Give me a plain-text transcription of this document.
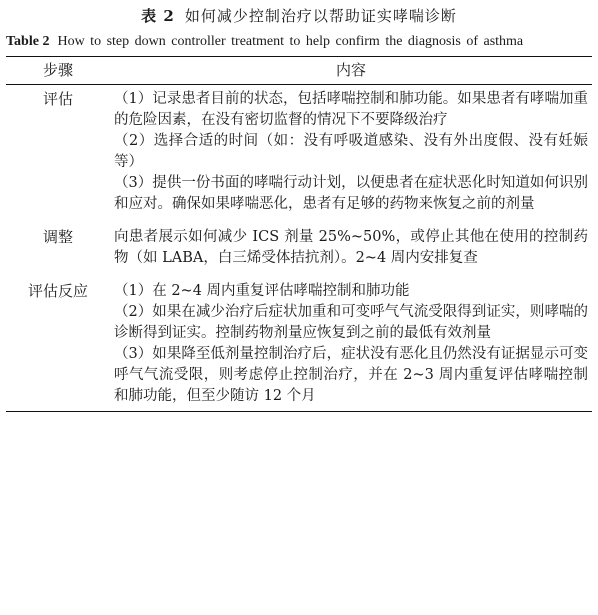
表 2 如何减少控制治疗以帮助证实哮喘诊断
Table 2 How to step down controller treatment to help confirm the diagnosis of asthma
步骤	内容
评估	（1）记录患者目前的状态，包括哮喘控制和肺功能。如果患者有哮喘加重的危险因素，在没有密切监督的情况下不要降级治疗

（2）选择合适的时间（如：没有呼吸道感染、没有外出度假、没有妊娠等）

（3）提供一份书面的哮喘行动计划，以便患者在症状恶化时知道如何识别和应对。确保如果哮喘恶化，患者有足够的药物来恢复之前的剂量

调整	向患者展示如何减少 ICS 剂量 25%~50%，或停止其他在使用的控制药物（如 LABA，白三烯受体拮抗剂）。2~4 周内安排复查

评估反应	（1）在 2~4 周内重复评估哮喘控制和肺功能

（2）如果在减少治疗后症状加重和可变呼气气流受限得到证实，则哮喘的诊断得到证实。控制药物剂量应恢复到之前的最低有效剂量

（3）如果降至低剂量控制治疗后，症状没有恶化且仍然没有证据显示可变呼气气流受限，则考虑停止控制治疗，并在 2~3 周内重复评估哮喘控制和肺功能，但至少随访 12 个月
